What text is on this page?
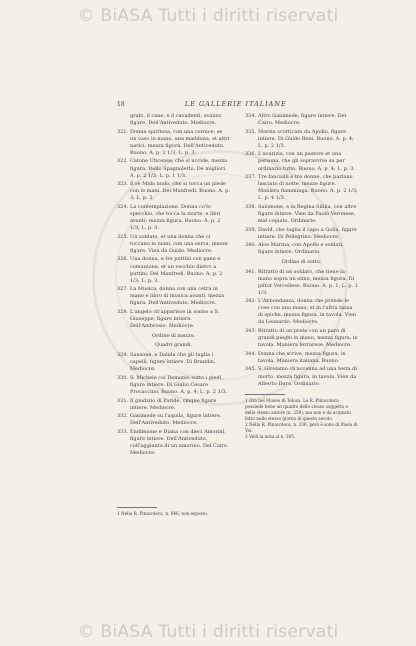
© BiASA Tutti i diritti riservati
18	LE GALLERIE ITALIANE
grafo, il cane, e il cavadenti; avanzo figure. Dell'Antiveduto. Mediocre.
321. Donna spiritosa, con una cornice; se un vaso in mano, una maddona, et altri narici, mezza figura. Dell'Antiveduto. Buono. A. p. 2 1/3; L. p. 3.
322. Catone Uticense, che si uccide, mezza figura. Dello Spagnoletto. De migliori. A. p. 2 1/3; L. p. 1 1/3.
323. Il re Mida nudo, che si tocca un piede con le mani. Del Manfredi. Buono. A. p. 3; L. p. 2.
324. La contemplazione. Donna co'lo specchio, che tocca la morte, e libri avanti; mezza figura. Buono. A. p. 2 1/3; L. p. 3.
325. Un soldato, et una donna che ci toccano le mani, con una serva, mezze figure. Vien da Guido. Mediocre.
326. Una donna, e tre puttini con pane e comunione, et un vecchio dietro a puttini. Del Manfredi. Buono. A. p. 2 1/3; L. p. 3.
327. La Musica, donna con una cetra in mano e libro di musica avanti, mezza figura. Dell'Antiveduto. Mediocre.
328. L'angelo ch'apparisce in sonno a S. Giuseppe, figure intiere. Dell'Ambrosio. Mediocre.
Ordine di mezzo.
Quadri grandi.
329. Sansone, e Dalida che gli taglia i capelli, figure intiere. Di Brandin. Mediocre.
330. S. Michele col Demonio sotto i piedi, figure intiere. Di Giulio Cesare Procaccino. Buono. A. p. 4; L. p. 2 1/3.
331. Il giudizio di Paride, cinque figure intiere. Mediocre.
332. Ganimede su l'aquila, figure intiere. Dell'Antiveduto. Mediocre.
333. Endimione e Diana con dieci Amorini, figure intiere. Dell'Antiveduto, coll'aggiunta di un amorino. Del Cairo. Mediocre.
1 Nella R. Pinacoteca, n. 646; non esposto.
334. Altro Ganimede, figure intiere. Del Cairo. Mediocre.
335. Marsia scorticato da Apollo, figure intiere. Di Guido Reni. Buono. A. p. 4; L. p. 2 1/3.
336. L'avarizia, con un pastore et una persona, che gli sopravvive su per ordinario tutto. Buono. A. p. 4; L. p. 3.
337. Tre fanciulli e tre donne, che parlano lasciato di notte, mezze figure. Maniera fiamminga. Buono. A. p. 2 1/3; L. p. 4 1/3.
338. Salomone, e la Regina Sibba, con altre figure intiere. Vien da Paolo Veronese, mal copiato. Ordinario.
339. David, che taglia il capo a Golia, figure intiere. Di Pellegrino. Mediocre.
340. Aloe Marina, con Apollo e soldati, figure intiere. Ordinario.
Ordine di sotto.
341. Ritratto di un soldato, che tiene la mano sopra un elmo, mezza figura. Di pittor Vercellese. Buono. A. p. 1; L. p. 1 1/3.
342. L'Abbondanza, donna che prende le cose con una mano, et in l'altra tazza di spiche, mezza figura, in tavola. Vien da Leonardo. Mediocre.
343. Ritratto di un prete con un paro di grandi pieghi in mano, mezza figura, in tavola. Maniera ferrarese. Mediocre.
344. Donna che scrive, mezza figura, in tavola. Maniera italiana. Buono.
345. S. Girolamo ch'accenna ad una testa di morto, mezza figura, in tavola. Vien da Alberto Duro. Ordinario.
1 Ora nel Museo di Tolosa. Le R. Pinacoteca possiede bene un quadro dello stesso soggetto e dello stesso autore (n. 259), ma non è da acquisto fatto nello stesso giorno di questo secolo.
2 Nella R. Pinacoteca, n. 336, però è sono di Paolo di Voi.
3 Vedi la nota al n. 305.
© BiASA Tutti i diritti riservati
